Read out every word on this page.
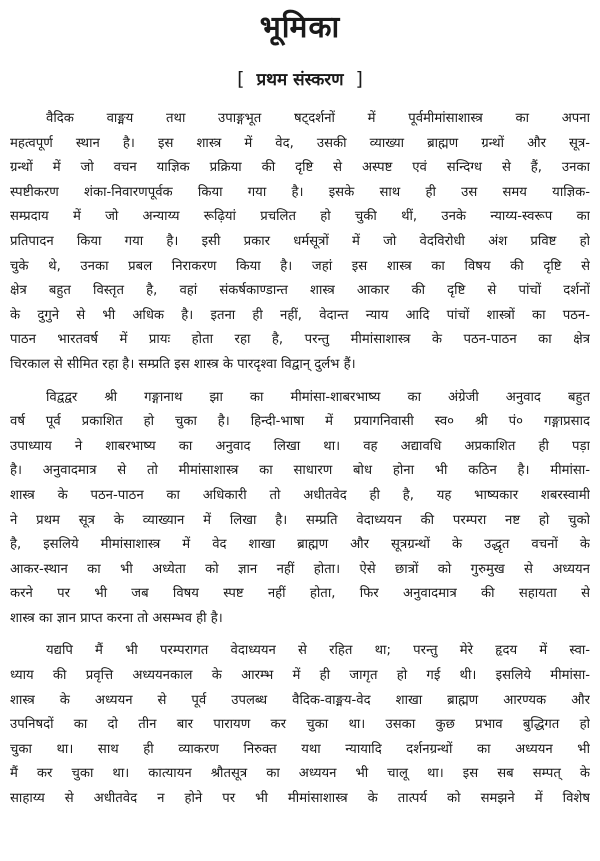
भूमिका
[ प्रथम संस्करण ]

वैदिक वाङ्मय तथा उपाङ्गभूत षट्दर्शनों में पूर्वमीमांसाशास्त्र का अपना
महत्वपूर्ण स्थान है। इस शास्त्र में वेद, उसकी व्याख्या ब्राह्मण ग्रन्थों और सूत्र-
ग्रन्थों में जो वचन याज्ञिक प्रक्रिया की दृष्टि से अस्पष्ट एवं सन्दिग्ध से हैं, उनका
स्पष्टीकरण शंका-निवारणपूर्वक किया गया है। इसके साथ ही उस समय याज्ञिक-
सम्प्रदाय में जो अन्याय्य रूढ़ियां प्रचलित हो चुकी थीं, उनके न्याय्य-स्वरूप का
प्रतिपादन किया गया है। इसी प्रकार धर्मसूत्रों में जो वेदविरोधी अंश प्रविष्ट हो
चुके थे, उनका प्रबल निराकरण किया है। जहां इस शास्त्र का विषय की दृष्टि से
क्षेत्र बहुत विस्तृत है, वहां संकर्षकाण्डान्त शास्त्र आकार की दृष्टि से पांचों दर्शनों
के दुगुने से भी अधिक है। इतना ही नहीं, वेदान्त न्याय आदि पांचों शास्त्रों का पठन-
पाठन भारतवर्ष में प्रायः होता रहा है, परन्तु मीमांसाशास्त्र के पठन-पाठन का क्षेत्र
चिरकाल से सीमित रहा है। सम्प्रति इस शास्त्र के पारदृश्वा विद्वान् दुर्लभ हैं।

विद्वद्वर श्री गङ्गानाथ झा का मीमांसा-शाबरभाष्य का अंग्रेजी अनुवाद बहुत
वर्ष पूर्व प्रकाशित हो चुका है। हिन्दी-भाषा में प्रयागनिवासी स्व० श्री पं० गङ्गाप्रसाद
उपाध्याय ने शाबरभाष्य का अनुवाद लिखा था। वह अद्यावधि अप्रकाशित ही पड़ा
है। अनुवादमात्र से तो मीमांसाशास्त्र का साधारण बोध होना भी कठिन है। मीमांसा-
शास्त्र के पठन-पाठन का अधिकारी तो अधीतवेद ही है, यह भाष्यकार शबरस्वामी
ने प्रथम सूत्र के व्याख्यान में लिखा है। सम्प्रति वेदाध्ययन की परम्परा नष्ट हो चुको
है, इसलिये मीमांसाशास्त्र में वेद शाखा ब्राह्मण और सूत्रग्रन्थों के उद्धृत वचनों के
आकर-स्थान का भी अध्येता को ज्ञान नहीं होता। ऐसे छात्रों को गुरुमुख से अध्ययन
करने पर भी जब विषय स्पष्ट नहीं होता, फिर अनुवादमात्र की सहायता से
शास्त्र का ज्ञान प्राप्त करना तो असम्भव ही है।

यद्यपि मैं भी परम्परागत वेदाध्ययन से रहित था; परन्तु मेरे हृदय में स्वा-
ध्याय की प्रवृत्ति अध्ययनकाल के आरम्भ में ही जागृत हो गई थी। इसलिये मीमांसा-
शास्त्र के अध्ययन से पूर्व उपलब्ध वैदिक-वाङ्मय-वेद शाखा ब्राह्मण आरण्यक और
उपनिषदों का दो तीन बार पारायण कर चुका था। उसका कुछ प्रभाव बुद्धिगत हो
चुका था। साथ ही व्याकरण निरुक्त यथा न्यायादि दर्शनग्रन्थों का अध्ययन भी
मैं कर चुका था। कात्यायन श्रौतसूत्र का अध्ययन भी चालू था। इस सब सम्पत् के
साहाय्य से अधीतवेद न होने पर भी मीमांसाशास्त्र के तात्पर्य को समझने में विशेष
